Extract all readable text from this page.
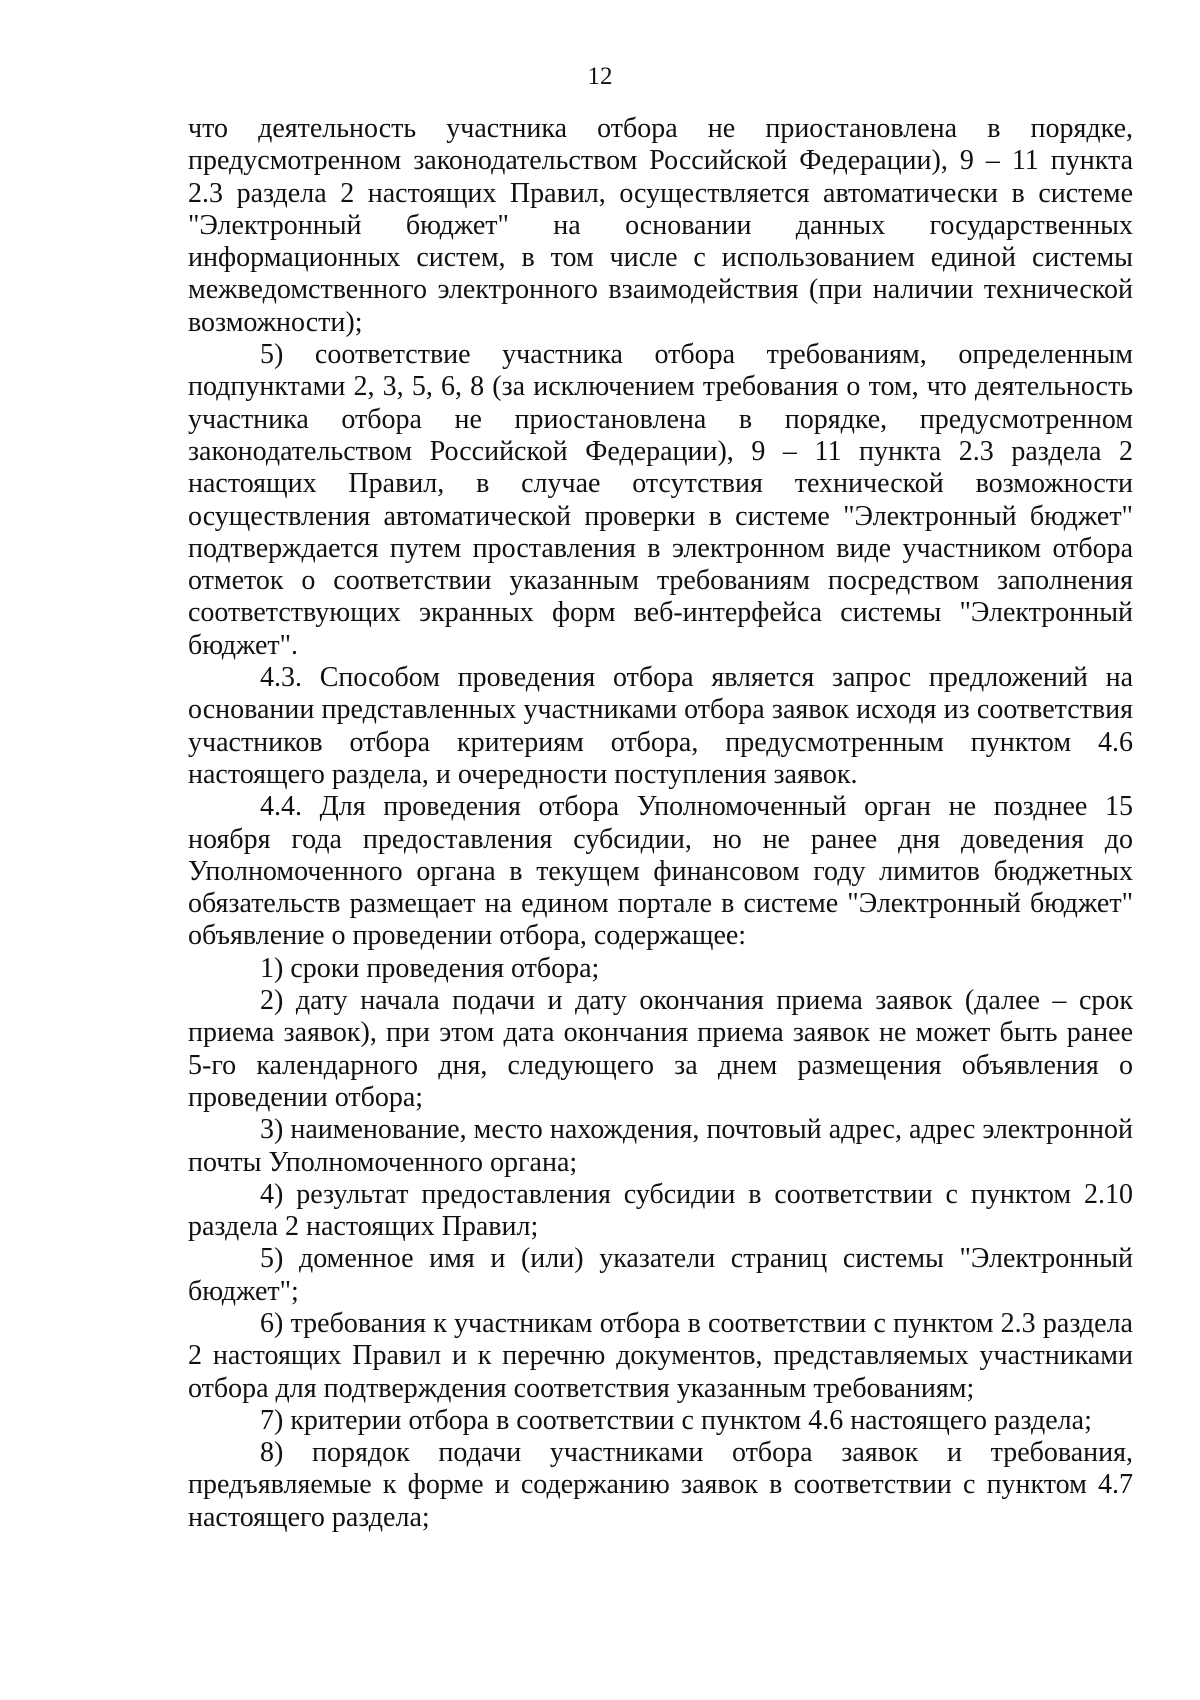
12

что деятельность участника отбора не приостановлена в порядке, предусмотренном законодательством Российской Федерации), 9 – 11 пункта 2.3 раздела 2 настоящих Правил, осуществляется автоматически в системе "Электронный бюджет" на основании данных государственных информационных систем, в том числе с использованием единой системы межведомственного электронного взаимодействия (при наличии технической возможности);

5) соответствие участника отбора требованиям, определенным подпунктами 2, 3, 5, 6, 8 (за исключением требования о том, что деятельность участника отбора не приостановлена в порядке, предусмотренном законодательством Российской Федерации), 9 – 11 пункта 2.3 раздела 2 настоящих Правил, в случае отсутствия технической возможности осуществления автоматической проверки в системе "Электронный бюджет" подтверждается путем проставления в электронном виде участником отбора отметок о соответствии указанным требованиям посредством заполнения соответствующих экранных форм веб-интерфейса системы "Электронный бюджет".

4.3. Способом проведения отбора является запрос предложений на основании представленных участниками отбора заявок исходя из соответствия участников отбора критериям отбора, предусмотренным пунктом 4.6 настоящего раздела, и очередности поступления заявок.

4.4. Для проведения отбора Уполномоченный орган не позднее 15 ноября года предоставления субсидии, но не ранее дня доведения до Уполномоченного органа в текущем финансовом году лимитов бюджетных обязательств размещает на едином портале в системе "Электронный бюджет" объявление о проведении отбора, содержащее:

1) сроки проведения отбора;

2) дату начала подачи и дату окончания приема заявок (далее – срок приема заявок), при этом дата окончания приема заявок не может быть ранее 5-го календарного дня, следующего за днем размещения объявления о проведении отбора;

3) наименование, место нахождения, почтовый адрес, адрес электронной почты Уполномоченного органа;

4) результат предоставления субсидии в соответствии с пунктом 2.10 раздела 2 настоящих Правил;

5) доменное имя и (или) указатели страниц системы "Электронный бюджет";

6) требования к участникам отбора в соответствии с пунктом 2.3 раздела 2 настоящих Правил и к перечню документов, представляемых участниками отбора для подтверждения соответствия указанным требованиям;

7) критерии отбора в соответствии с пунктом 4.6 настоящего раздела;

8) порядок подачи участниками отбора заявок и требования, предъявляемые к форме и содержанию заявок в соответствии с пунктом 4.7 настоящего раздела;
